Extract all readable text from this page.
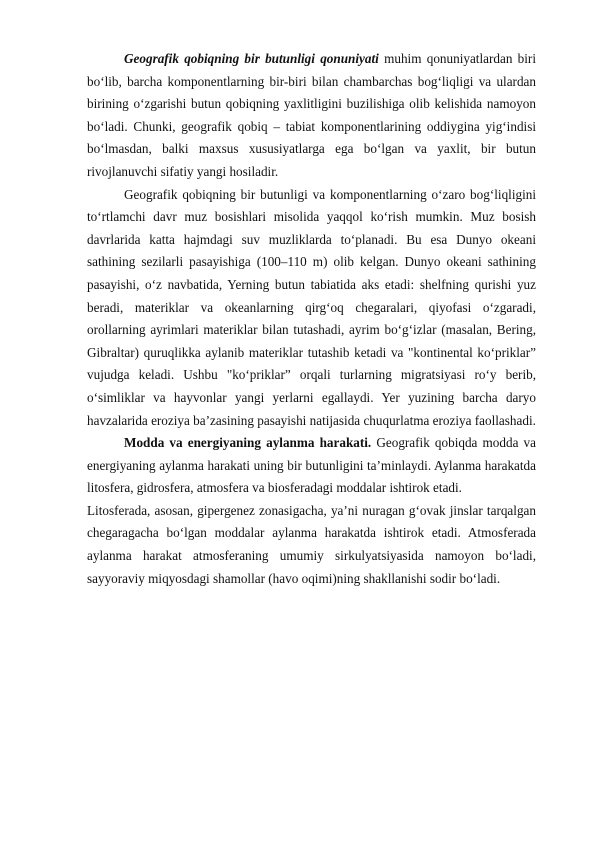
Geografik qobiqning bir butunligi qonuniyati muhim qonuniyatlardan biri bo‘lib, barcha komponentlarning bir-biri bilan chambarchas bog‘liqligi va ulardan birining o‘zgarishi butun qobiqning yaxlitligini buzilishiga olib kelishida namoyon bo‘ladi. Chunki, geografik qobiq – tabiat komponentlarining oddiygina yig‘indisi bo‘lmasdan, balki maxsus xususiyatlarga ega bo‘lgan va yaxlit, bir butun rivojlanuvchi sifatiy yangi hosiladir.

Geografik qobiqning bir butunligi va komponentlarning o‘zaro bog‘liqligini to‘rtlamchi davr muz bosishlari misolida yaqqol ko‘rish mumkin. Muz bosish davrlarida katta hajmdagi suv muzliklarda to‘planadi. Bu esa Dunyo okeani sathining sezilarli pasayishiga (100–110 m) olib kelgan. Dunyo okeani sathining pasayishi, o‘z navbatida, Yerning butun tabiatida aks etadi: shelfning qurishi yuz beradi, materiklar va okeanlarning qirg‘oq chegaralari, qiyofasi o‘zgaradi, orollarning ayrimlari materiklar bilan tutashadi, ayrim bo‘g‘izlar (masalan, Bering, Gibraltar) quruqlikka aylanib materiklar tutashib ketadi va "kontinental ko‘priklar” vujudga keladi. Ushbu "ko‘priklar” orqali turlarning migratsiyasi ro‘y berib, o‘simliklar va hayvonlar yangi yerlarni egallaydi. Yer yuzining barcha daryo havzalarida eroziya ba’zasining pasayishi natijasida chuqurlatma eroziya faollashadi.

Modda va energiyaning aylanma harakati. Geografik qobiqda modda va energiyaning aylanma harakati uning bir butunligini ta’minlaydi. Aylanma harakatda litosfera, gidrosfera, atmosfera va biosferadagi moddalar ishtirok etadi.

Litosferada, asosan, gipergenez zonasigacha, ya’ni nuragan g‘ovak jinslar tarqalgan chegaragacha bo‘lgan moddalar aylanma harakatda ishtirok etadi. Atmosferada aylanma harakat atmosferaning umumiy sirkulyatsiyasida namoyon bo‘ladi, sayyoraviy miqyosdagi shamollar (havo oqimi)ning shakllanishi sodir bo‘ladi.
